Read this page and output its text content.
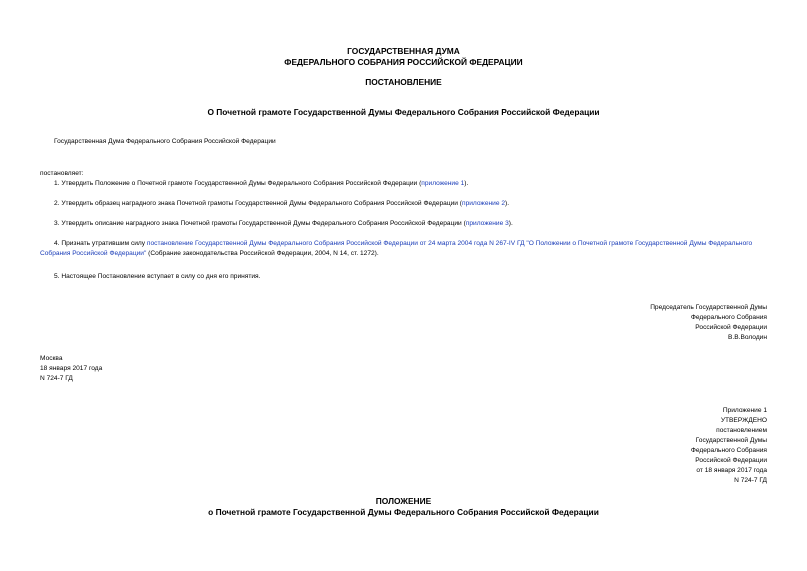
ГОСУДАРСТВЕННАЯ ДУМА
ФЕДЕРАЛЬНОГО СОБРАНИЯ РОССИЙСКОЙ ФЕДЕРАЦИИ
ПОСТАНОВЛЕНИЕ
О Почетной грамоте Государственной Думы Федерального Собрания Российской Федерации
Государственная Дума Федерального Собрания Российской Федерации
постановляет:
1. Утвердить Положение о Почетной грамоте Государственной Думы Федерального Собрания Российской Федерации (приложение 1).
2. Утвердить образец наградного знака Почетной грамоты Государственной Думы Федерального Собрания Российской Федерации (приложение 2).
3. Утвердить описание наградного знака Почетной грамоты Государственной Думы Федерального Собрания Российской Федерации (приложение 3).
4. Признать утратившим силу постановление Государственной Думы Федерального Собрания Российской Федерации от 24 марта 2004 года N 267-IV ГД "О Положении о Почетной грамоте Государственной Думы Федерального Собрания Российской Федерации" (Собрание законодательства Российской Федерации, 2004, N 14, ст. 1272).
5. Настоящее Постановление вступает в силу со дня его принятия.
Председатель Государственной Думы
Федерального Собрания
Российской Федерации
В.В.Володин
Москва
18 января 2017 года
N 724-7 ГД
Приложение 1
УТВЕРЖДЕНО
постановлением
Государственной Думы
Федерального Собрания
Российской Федерации
от 18 января 2017 года
N 724-7 ГД
ПОЛОЖЕНИЕ
о Почетной грамоте Государственной Думы Федерального Собрания Российской Федерации
